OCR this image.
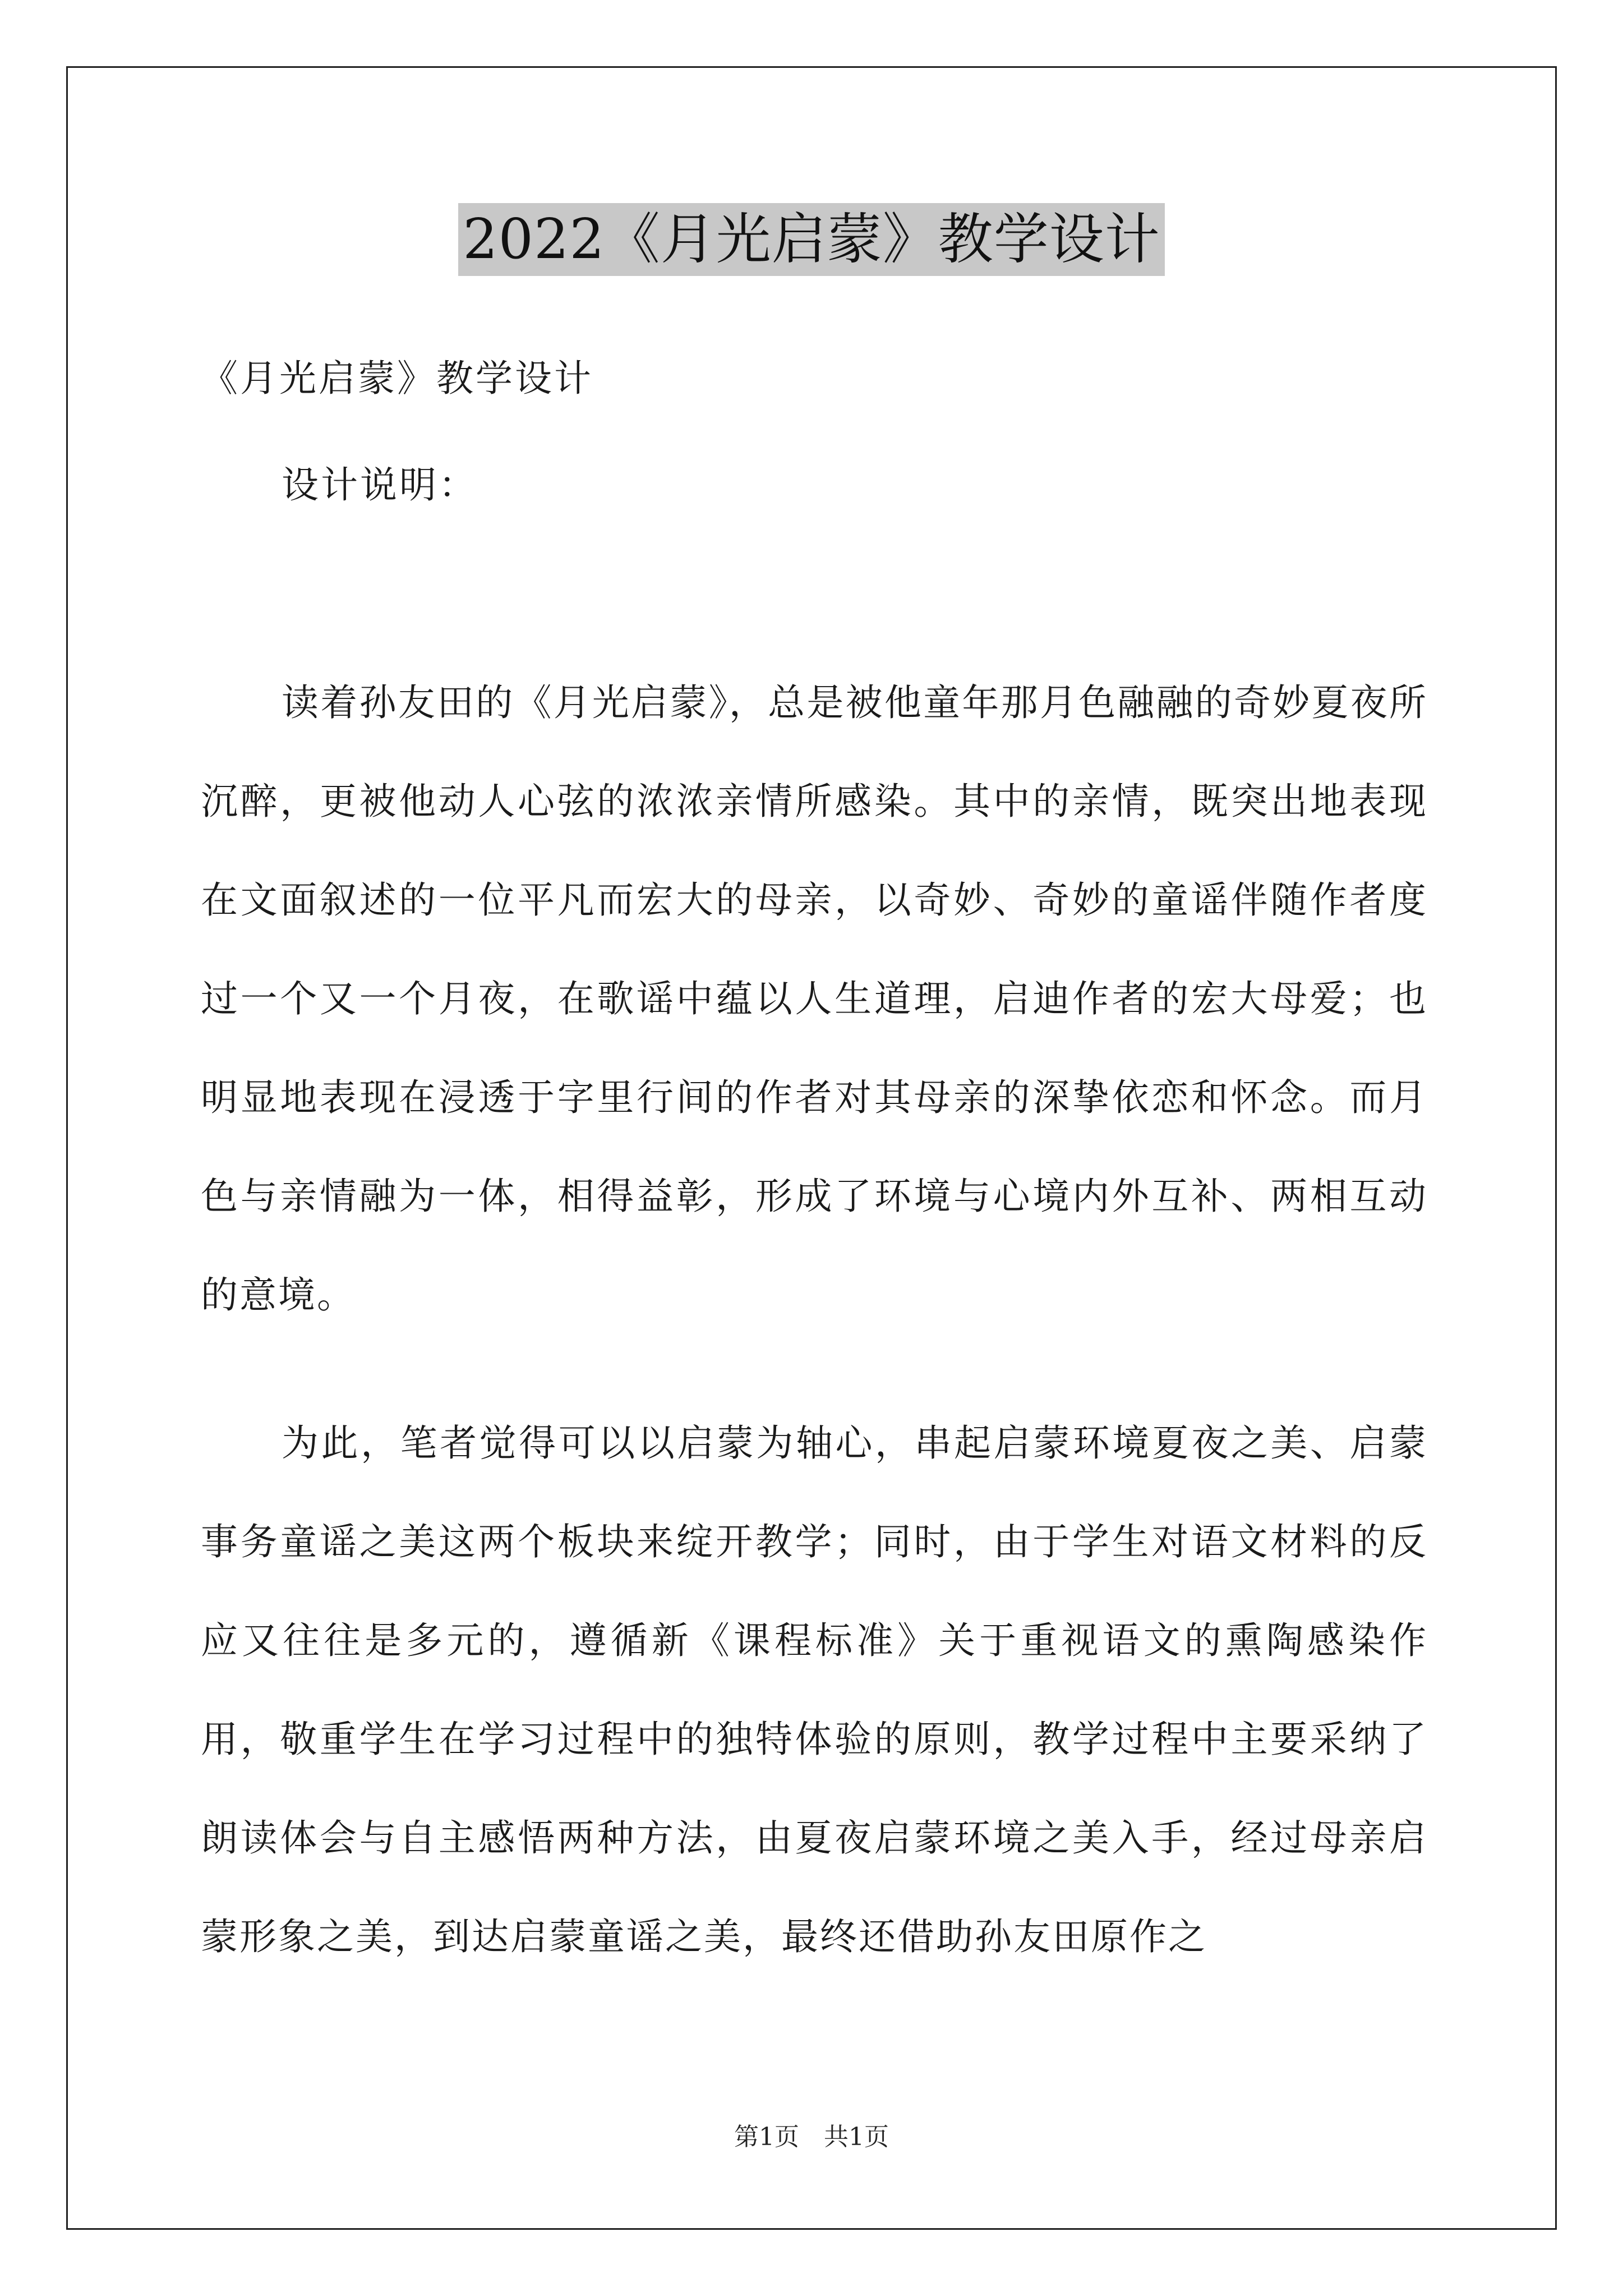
2022《月光启蒙》教学设计
《月光启蒙》教学设计
设计说明：

读着孙友田的《月光启蒙》，总是被他童年那月色融融的奇妙夏夜所沉醉，更被他动人心弦的浓浓亲情所感染。其中的亲情，既突出地表现在文面叙述的一位平凡而宏大的母亲，以奇妙、奇妙的童谣伴随作者度过一个又一个月夜，在歌谣中蕴以人生道理，启迪作者的宏大母爱；也明显地表现在浸透于字里行间的作者对其母亲的深挚依恋和怀念。而月色与亲情融为一体，相得益彰，形成了环境与心境内外互补、两相互动的意境。

为此，笔者觉得可以以启蒙为轴心，串起启蒙环境夏夜之美、启蒙事务童谣之美这两个板块来绽开教学；同时，由于学生对语文材料的反应又往往是多元的，遵循新《课程标准》关于重视语文的熏陶感染作用，敬重学生在学习过程中的独特体验的原则，教学过程中主要采纳了朗读体会与自主感悟两种方法，由夏夜启蒙环境之美入手，经过母亲启蒙形象之美，到达启蒙童谣之美，最终还借助孙友田原作之

第1页　共1页
